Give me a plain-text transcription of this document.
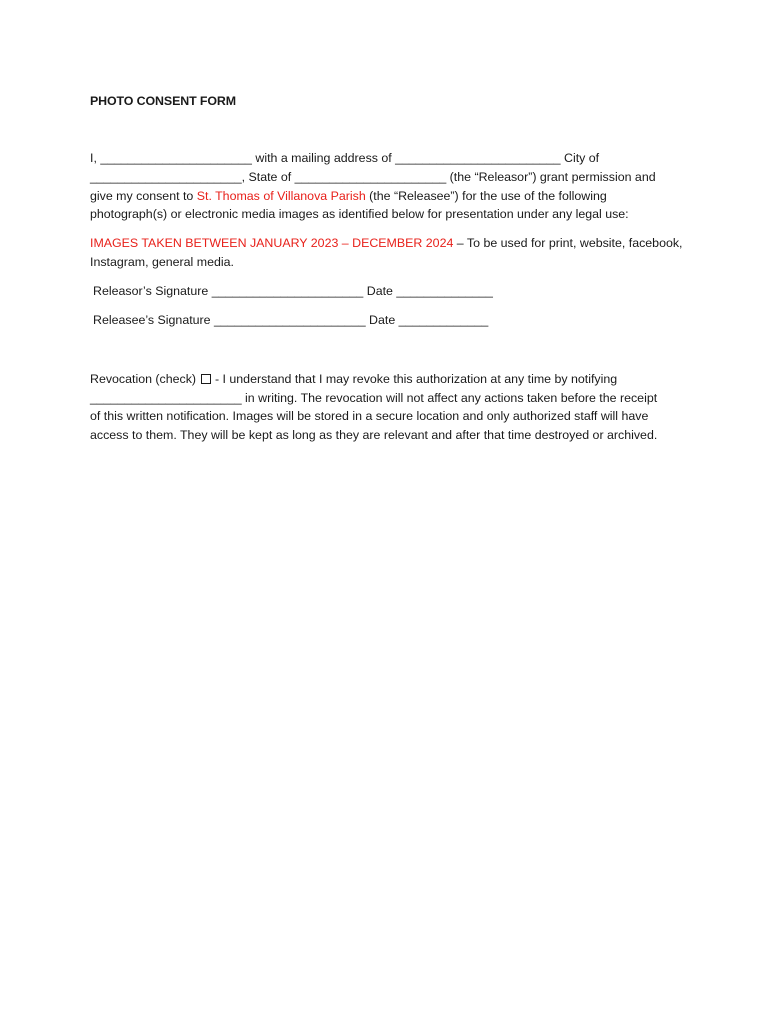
PHOTO CONSENT FORM
I, ______________________ with a mailing address of ________________________ City of
______________________, State of ______________________ (the “Releasor”) grant permission and
give my consent to St. Thomas of Villanova Parish (the “Releasee”) for the use of the following
photograph(s) or electronic media images as identified below for presentation under any legal use:
IMAGES TAKEN BETWEEN JANUARY 2023 – DECEMBER 2024 – To be used for print, website, facebook,
Instagram, general media.
Releasor’s Signature ______________________ Date ______________
Releasee’s Signature ______________________ Date _____________
Revocation (check)  - I understand that I may revoke this authorization at any time by notifying
______________________ in writing. The revocation will not affect any actions taken before the receipt
of this written notification. Images will be stored in a secure location and only authorized staff will have
access to them. They will be kept as long as they are relevant and after that time destroyed or archived.
